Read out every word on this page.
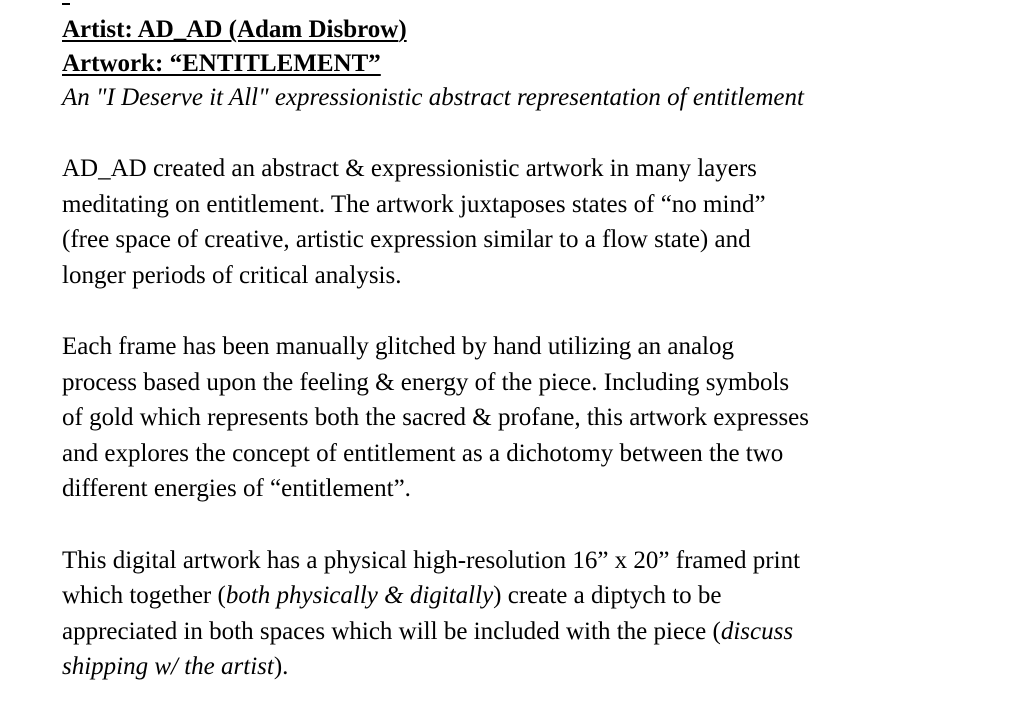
Artist: AD_AD (Adam Disbrow)
Artwork: “ENTITLEMENT”
An "I Deserve it All" expressionistic abstract representation of entitlement

AD_AD created an abstract & expressionistic artwork in many layers
meditating on entitlement. The artwork juxtaposes states of “no mind”
(free space of creative, artistic expression similar to a flow state) and
longer periods of critical analysis.

Each frame has been manually glitched by hand utilizing an analog
process based upon the feeling & energy of the piece. Including symbols
of gold which represents both the sacred & profane, this artwork expresses
and explores the concept of entitlement as a dichotomy between the two
different energies of “entitlement”.

This digital artwork has a physical high-resolution 16” x 20” framed print
which together (both physically & digitally) create a diptych to be
appreciated in both spaces which will be included with the piece (discuss
shipping w/ the artist).
